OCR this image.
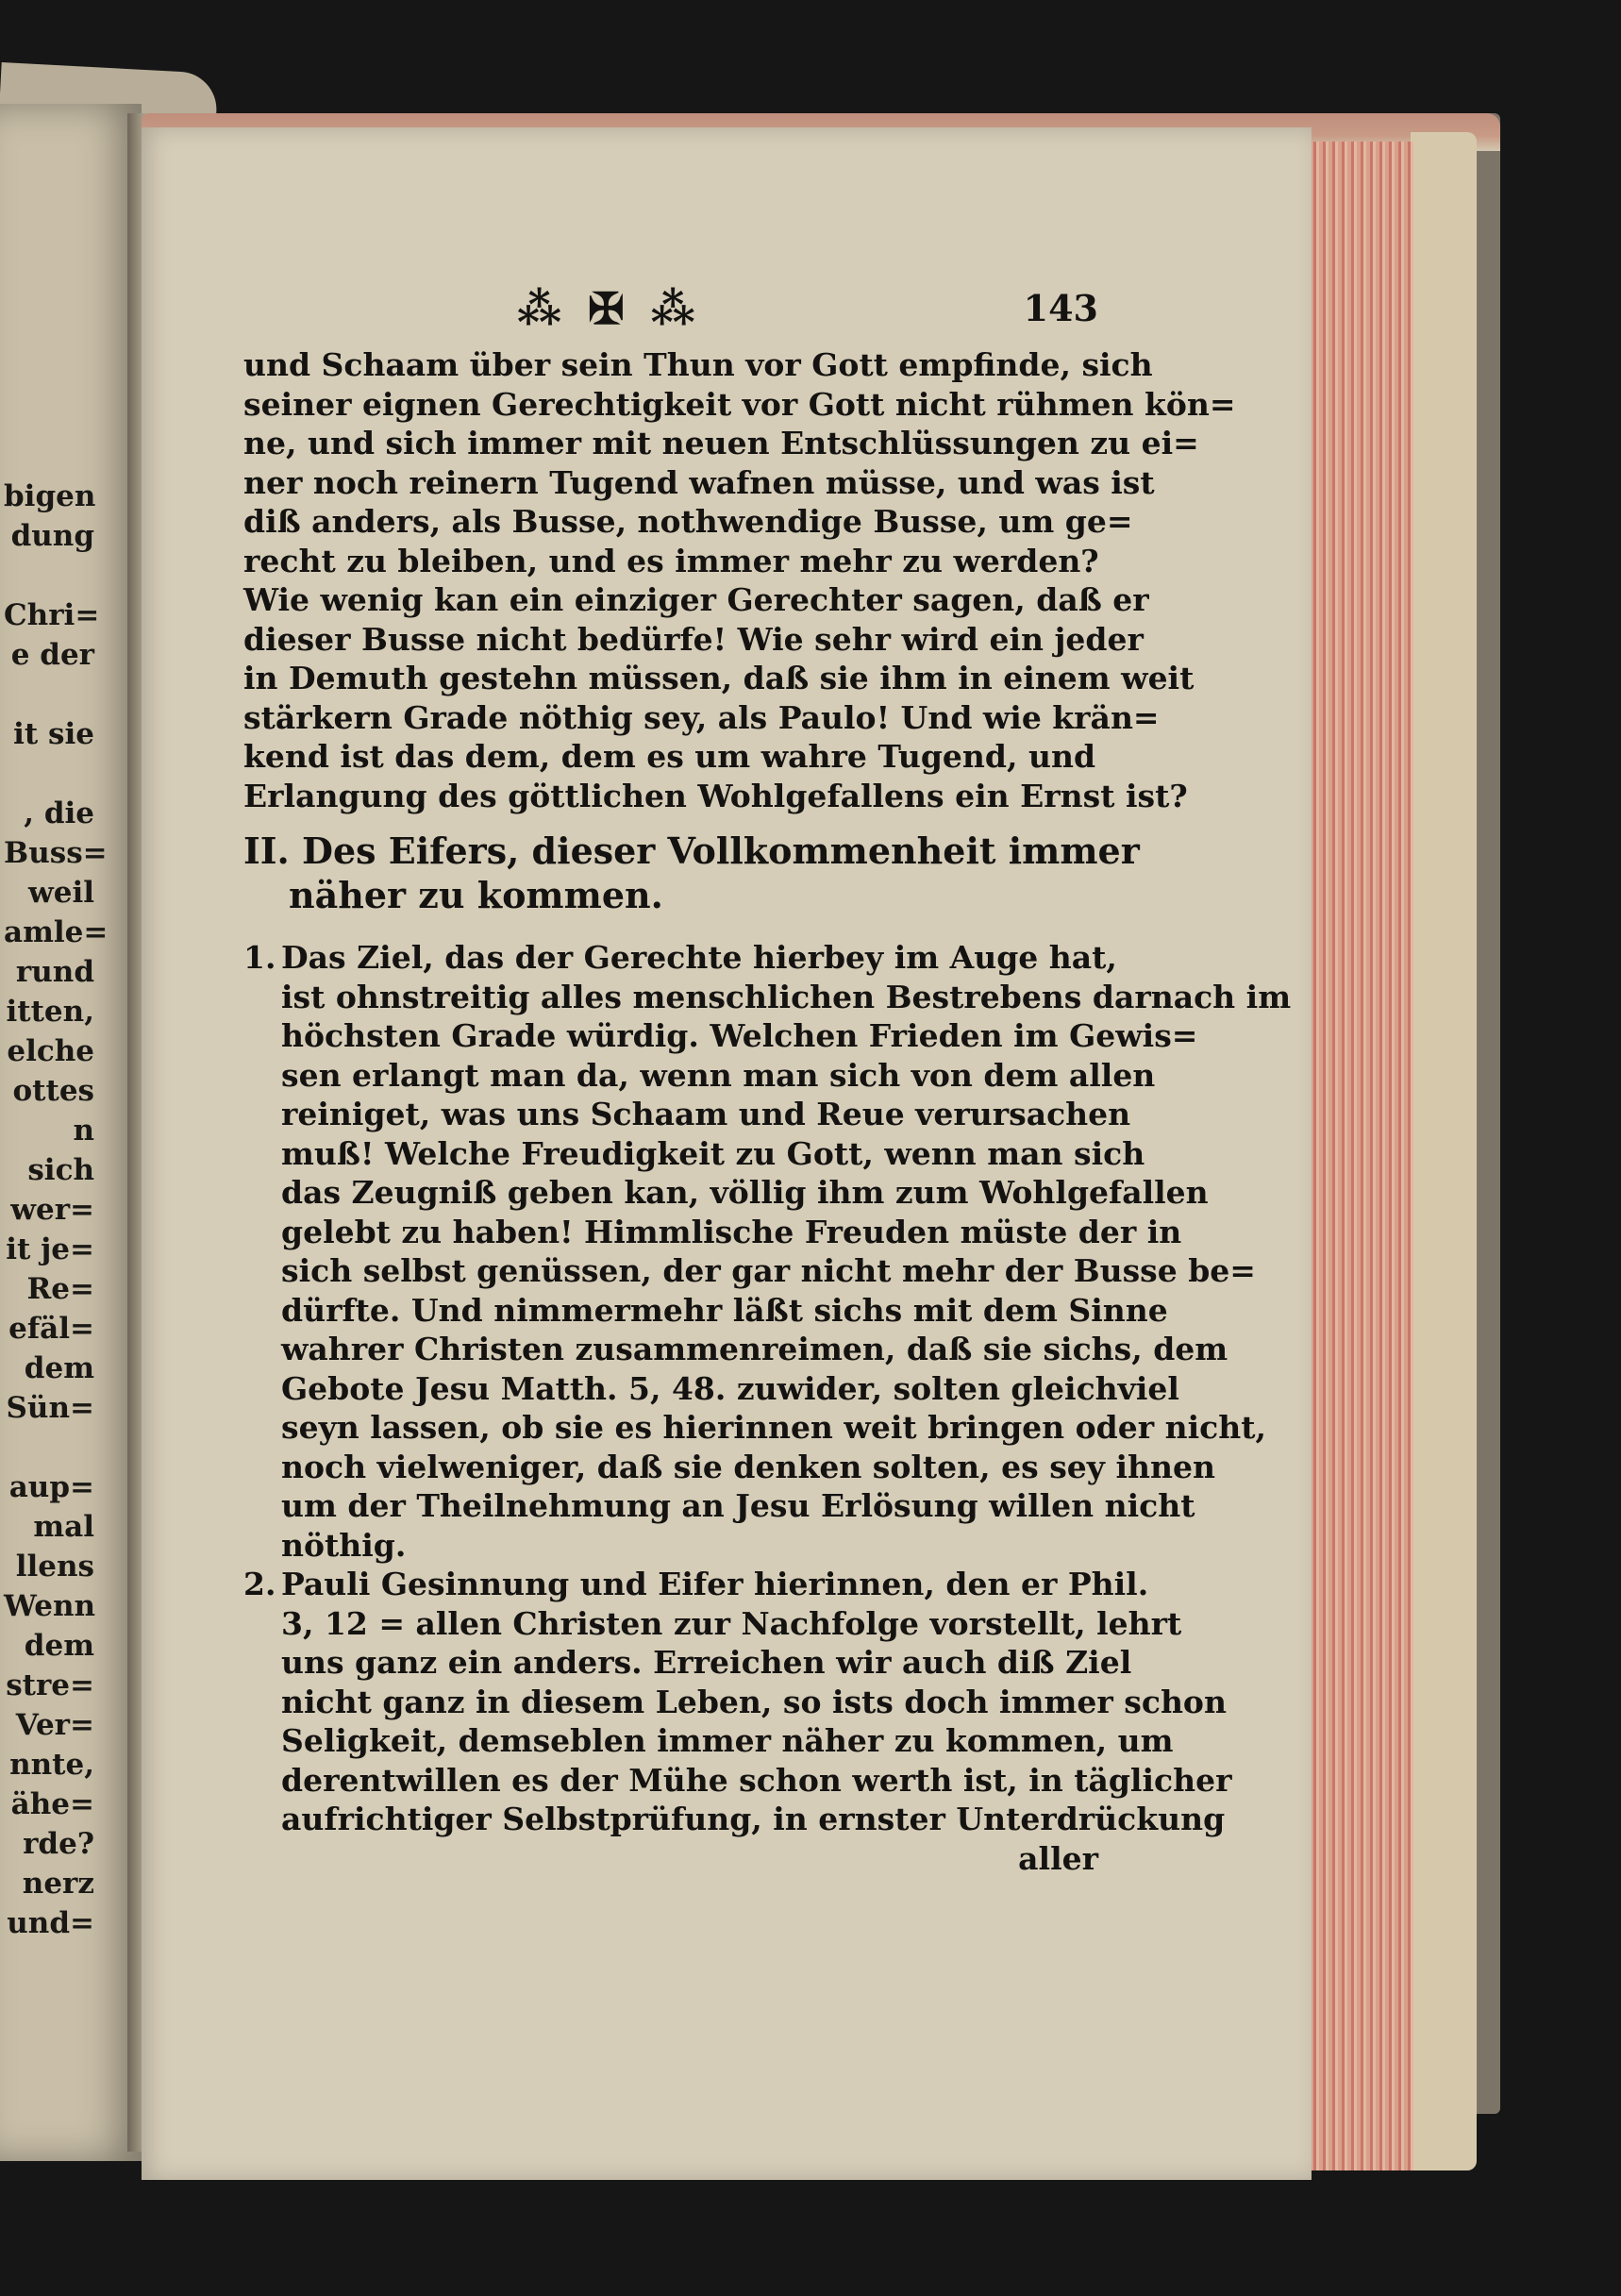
bigen
dung

Chri=
e der

it sie

, die
Buss=
weil
amle=
rund
itten,
elche
ottes
n sich
wer=
it je=
Re=
efäl=
dem
Sün=

aup=
mal
llens
Wenn
dem
stre=
Ver=
nnte,
ähe=
rde?
nerz
und=
⁂ ✠ ⁂	143
und Schaam über sein Thun vor Gott empfinde, sich
seiner eignen Gerechtigkeit vor Gott nicht rühmen kön=
ne, und sich immer mit neuen Entschlüssungen zu ei=
ner noch reinern Tugend wafnen müsse, und was ist
diß anders, als Busse, nothwendige Busse, um ge=
recht zu bleiben, und es immer mehr zu werden?
Wie wenig kan ein einziger Gerechter sagen, daß er
dieser Busse nicht bedürfe! Wie sehr wird ein jeder
in Demuth gestehn müssen, daß sie ihm in einem weit
stärkern Grade nöthig sey, als Paulo! Und wie krän=
kend ist das dem, dem es um wahre Tugend, und
Erlangung des göttlichen Wohlgefallens ein Ernst ist?
II. Des Eifers, dieser Vollkommenheit immer
näher zu kommen.
1. Das Ziel, das der Gerechte hierbey im Auge hat,
ist ohnstreitig alles menschlichen Bestrebens darnach im
höchsten Grade würdig. Welchen Frieden im Gewis=
sen erlangt man da, wenn man sich von dem allen
reiniget, was uns Schaam und Reue verursachen
muß! Welche Freudigkeit zu Gott, wenn man sich
das Zeugniß geben kan, völlig ihm zum Wohlgefallen
gelebt zu haben! Himmlische Freuden müste der in
sich selbst genüssen, der gar nicht mehr der Busse be=
dürfte. Und nimmermehr läßt sichs mit dem Sinne
wahrer Christen zusammenreimen, daß sie sichs, dem
Gebote Jesu Matth. 5, 48. zuwider, solten gleichviel
seyn lassen, ob sie es hierinnen weit bringen oder nicht,
noch vielweniger, daß sie denken solten, es sey ihnen
um der Theilnehmung an Jesu Erlösung willen nicht
nöthig.
2. Pauli Gesinnung und Eifer hierinnen, den er Phil.
3, 12 = allen Christen zur Nachfolge vorstellt, lehrt
uns ganz ein anders. Erreichen wir auch diß Ziel
nicht ganz in diesem Leben, so ists doch immer schon
Seligkeit, demseblen immer näher zu kommen, um
derentwillen es der Mühe schon werth ist, in täglicher
aufrichtiger Selbstprüfung, in ernster Unterdrückung
aller
